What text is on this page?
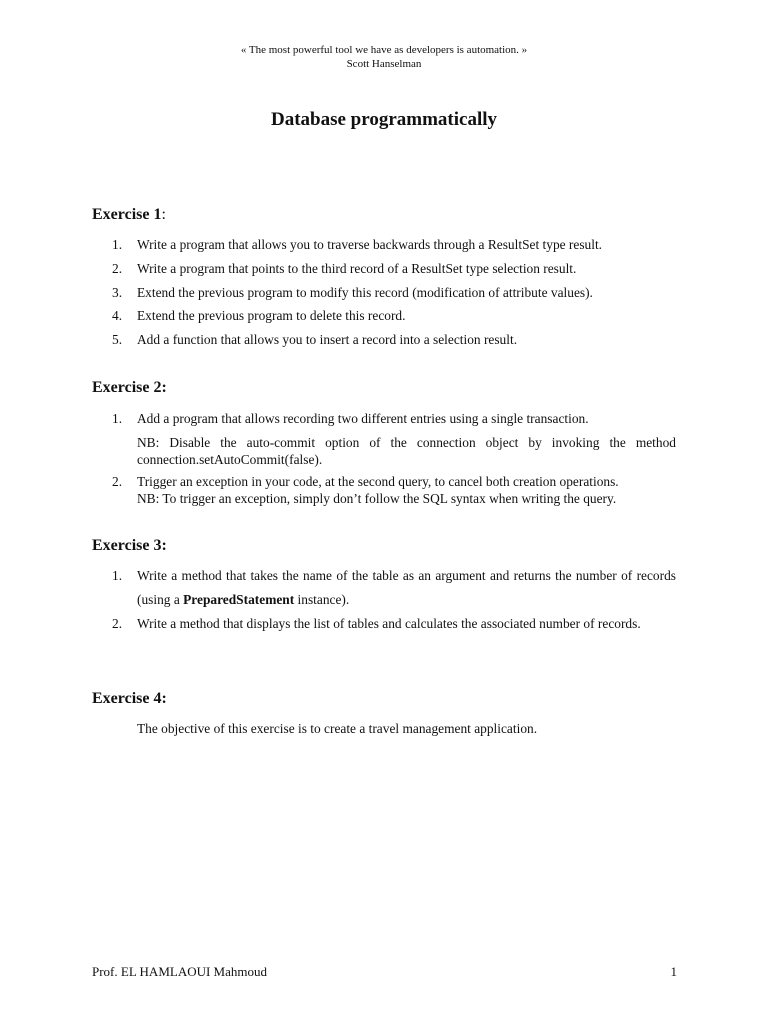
« The most powerful tool we have as developers is automation. »
Scott Hanselman
Database programmatically
Exercise 1:
1. Write a program that allows you to traverse backwards through a ResultSet type result.
2. Write a program that points to the third record of a ResultSet type selection result.
3. Extend the previous program to modify this record (modification of attribute values).
4. Extend the previous program to delete this record.
5. Add a function that allows you to insert a record into a selection result.
Exercise 2:
1. Add a program that allows recording two different entries using a single transaction.

NB: Disable the auto-commit option of the connection object by invoking the method connection.setAutoCommit(false).

2. Trigger an exception in your code, at the second query, to cancel both creation operations.
NB: To trigger an exception, simply don’t follow the SQL syntax when writing the query.
Exercise 3:
1. Write a method that takes the name of the table as an argument and returns the number of records (using a PreparedStatement instance).
2. Write a method that displays the list of tables and calculates the associated number of records.
Exercise 4:
The objective of this exercise is to create a travel management application.
Prof. EL HAMLAOUI Mahmoud	1
